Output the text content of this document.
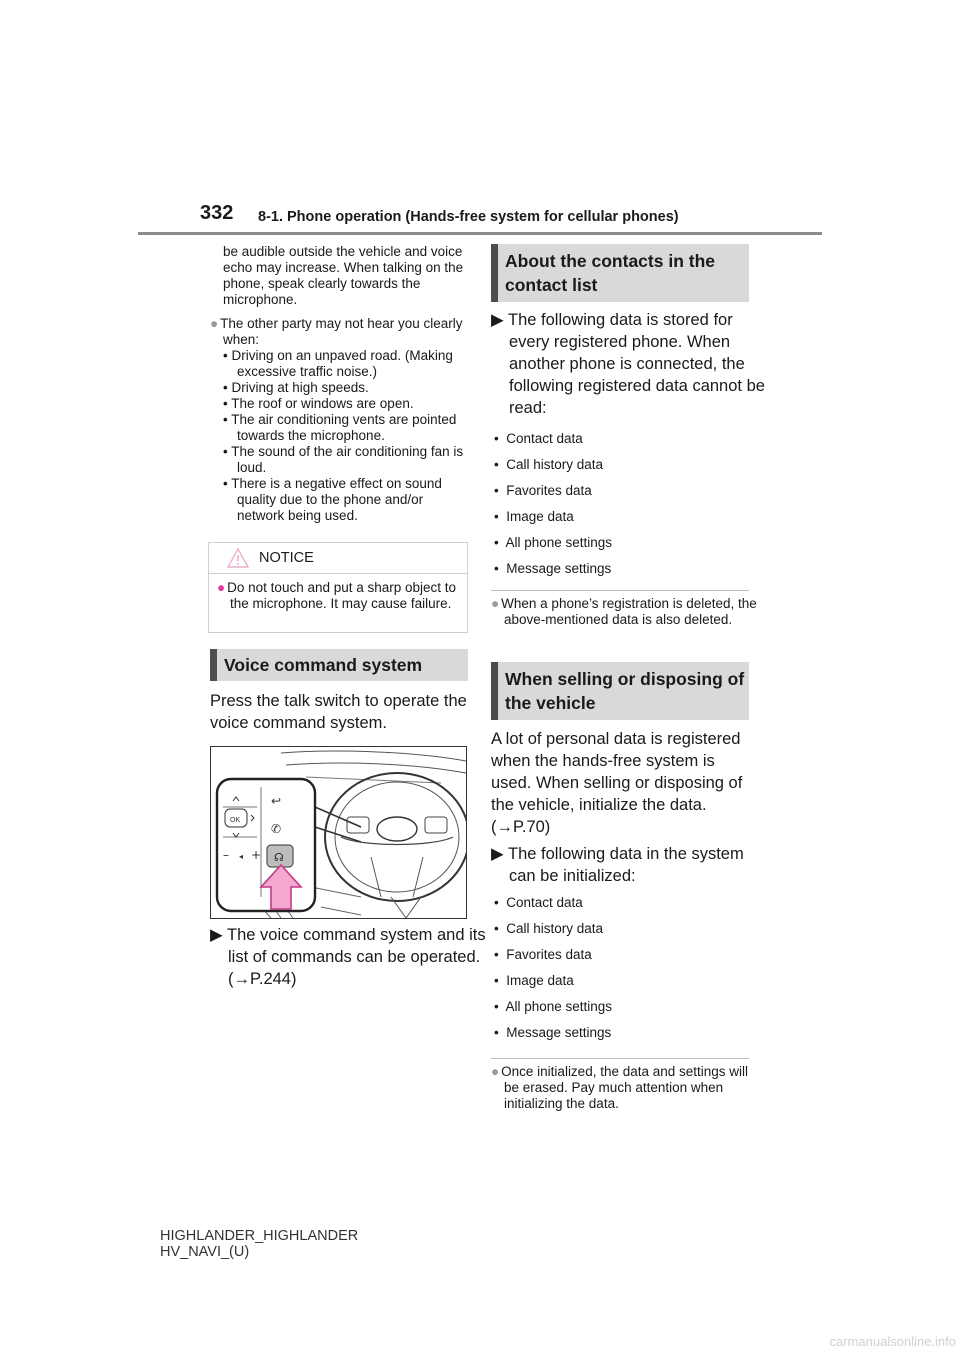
332 8-1. Phone operation (Hands-free system for cellular phones)
be audible outside the vehicle and voice echo may increase. When talking on the phone, speak clearly towards the microphone.
● The other party may not hear you clearly when:
• Driving on an unpaved road. (Making excessive traffic noise.)
• Driving at high speeds.
• The roof or windows are open.
• The air conditioning vents are pointed towards the microphone.
• The sound of the air conditioning fan is loud.
• There is a negative effect on sound quality due to the phone and/or network being used.
NOTICE
● Do not touch and put a sharp object to the microphone. It may cause failure.
Voice command system
Press the talk switch to operate the voice command system.
OK
↩
✆
– ◂ + ☊
▶ The voice command system and its list of commands can be operated. (→P.244)
About the contacts in the contact list
▶ The following data is stored for every registered phone. When another phone is connected, the following registered data cannot be read:
•  Contact data
•  Call history data
•  Favorites data
•  Image data
•  All phone settings
•  Message settings
● When a phone’s registration is deleted, the above-mentioned data is also deleted.
When selling or disposing of the vehicle
A lot of personal data is registered when the hands-free system is used. When selling or disposing of the vehicle, initialize the data. (→P.70)
▶ The following data in the system can be initialized:
•  Contact data
•  Call history data
•  Favorites data
•  Image data
•  All phone settings
•  Message settings
● Once initialized, the data and settings will be erased. Pay much attention when initializing the data.
HIGHLANDER_HIGHLANDER
HV_NAVI_(U)
carmanualsonline.info
